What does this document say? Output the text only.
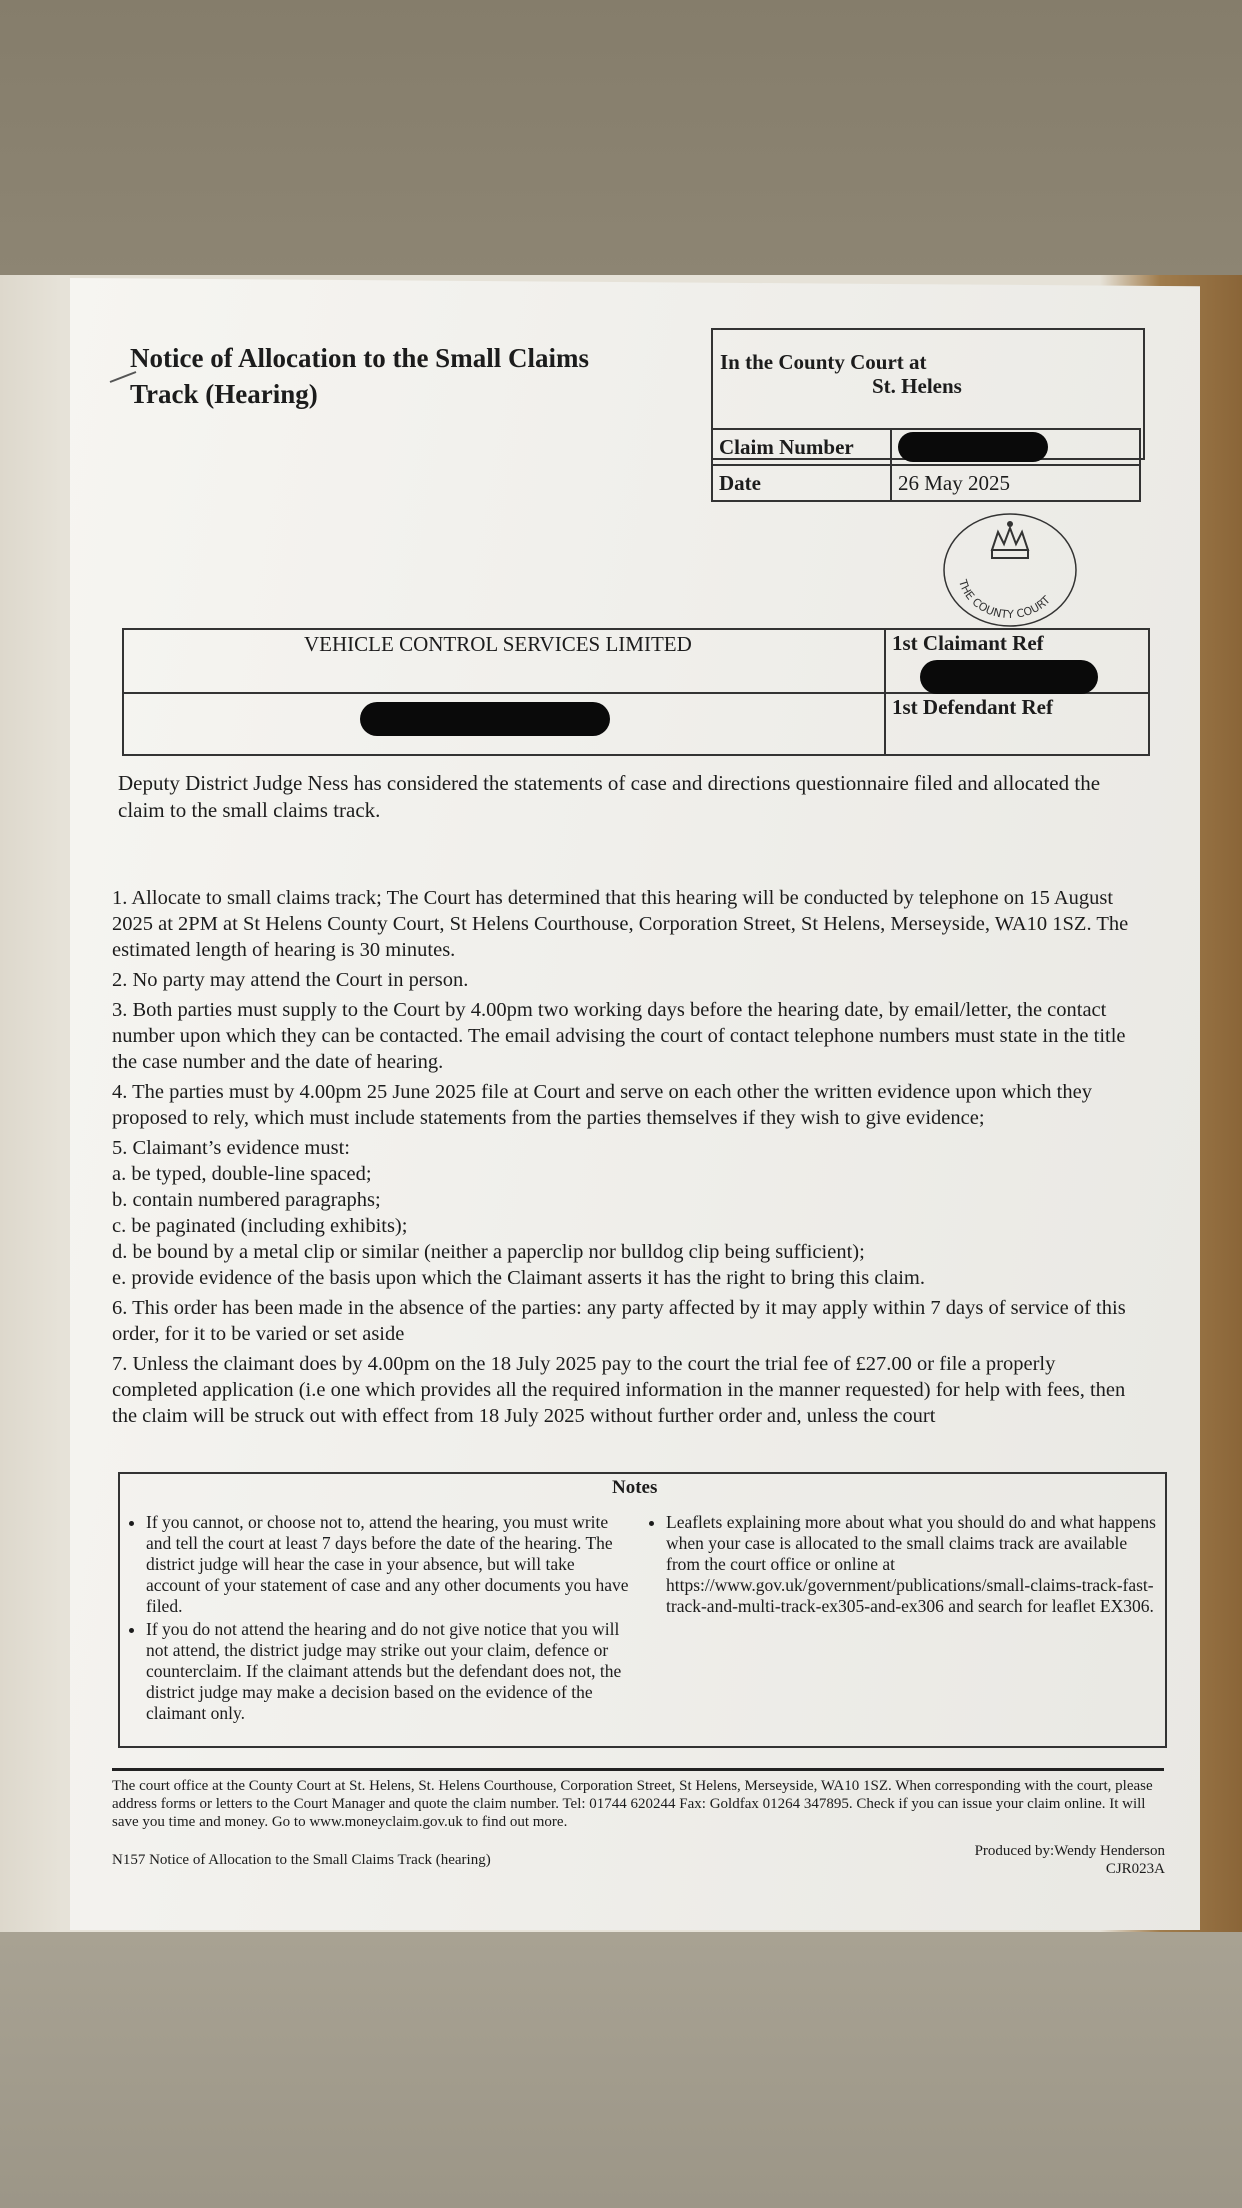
Notice of Allocation to the Small Claims Track (Hearing)
In the County Court at
St. Helens
Claim Number	

Date	26 May 2025
THE COUNTY COURT
VEHICLE CONTROL SERVICES LIMITED	1st Claimant Ref

	1st Defendant Ref
Deputy District Judge Ness has considered the statements of case and directions questionnaire filed and allocated the claim to the small claims track.

1. Allocate to small claims track; The Court has determined that this hearing will be conducted by telephone on 15 August 2025 at 2PM at St Helens County Court, St Helens Courthouse, Corporation Street, St Helens, Merseyside, WA10 1SZ. The estimated length of hearing is 30 minutes.

2. No party may attend the Court in person.

3. Both parties must supply to the Court by 4.00pm two working days before the hearing date, by email/letter, the contact number upon which they can be contacted. The email advising the court of contact telephone numbers must state in the title the case number and the date of hearing.

4. The parties must by 4.00pm 25 June 2025 file at Court and serve on each other the written evidence upon which they proposed to rely, which must include statements from the parties themselves if they wish to give evidence;

5. Claimant’s evidence must:

a. be typed, double-line spaced;

b. contain numbered paragraphs;

c. be paginated (including exhibits);

d. be bound by a metal clip or similar (neither a paperclip nor bulldog clip being sufficient);

e. provide evidence of the basis upon which the Claimant asserts it has the right to bring this claim.

6. This order has been made in the absence of the parties: any party affected by it may apply within 7 days of service of this order, for it to be varied or set aside

7. Unless the claimant does by 4.00pm on the 18 July 2025 pay to the court the trial fee of £27.00 or file a properly completed application (i.e one which provides all the required information in the manner requested) for help with fees, then the claim will be struck out with effect from 18 July 2025 without further order and, unless the court

Notes
• If you cannot, or choose not to, attend the hearing, you must write and tell the court at least 7 days before the date of the hearing. The district judge will hear the case in your absence, but will take account of your statement of case and any other documents you have filed.
• If you do not attend the hearing and do not give notice that you will not attend, the district judge may strike out your claim, defence or counterclaim. If the claimant attends but the defendant does not, the district judge may make a decision based on the evidence of the claimant only.
• Leaflets explaining more about what you should do and what happens when your case is allocated to the small claims track are available from the court office or online at https://www.gov.uk/government/publications/small-claims-track-fast-track-and-multi-track-ex305-and-ex306 and search for leaflet EX306.
The court office at the County Court at St. Helens, St. Helens Courthouse, Corporation Street, St Helens, Merseyside, WA10 1SZ. When corresponding with the court, please address forms or letters to the Court Manager and quote the claim number. Tel: 01744 620244 Fax: Goldfax 01264 347895. Check if you can issue your claim online. It will save you time and money. Go to www.moneyclaim.gov.uk to find out more.
N157 Notice of Allocation to the Small Claims Track (hearing)
Produced by:Wendy Henderson
CJR023A
